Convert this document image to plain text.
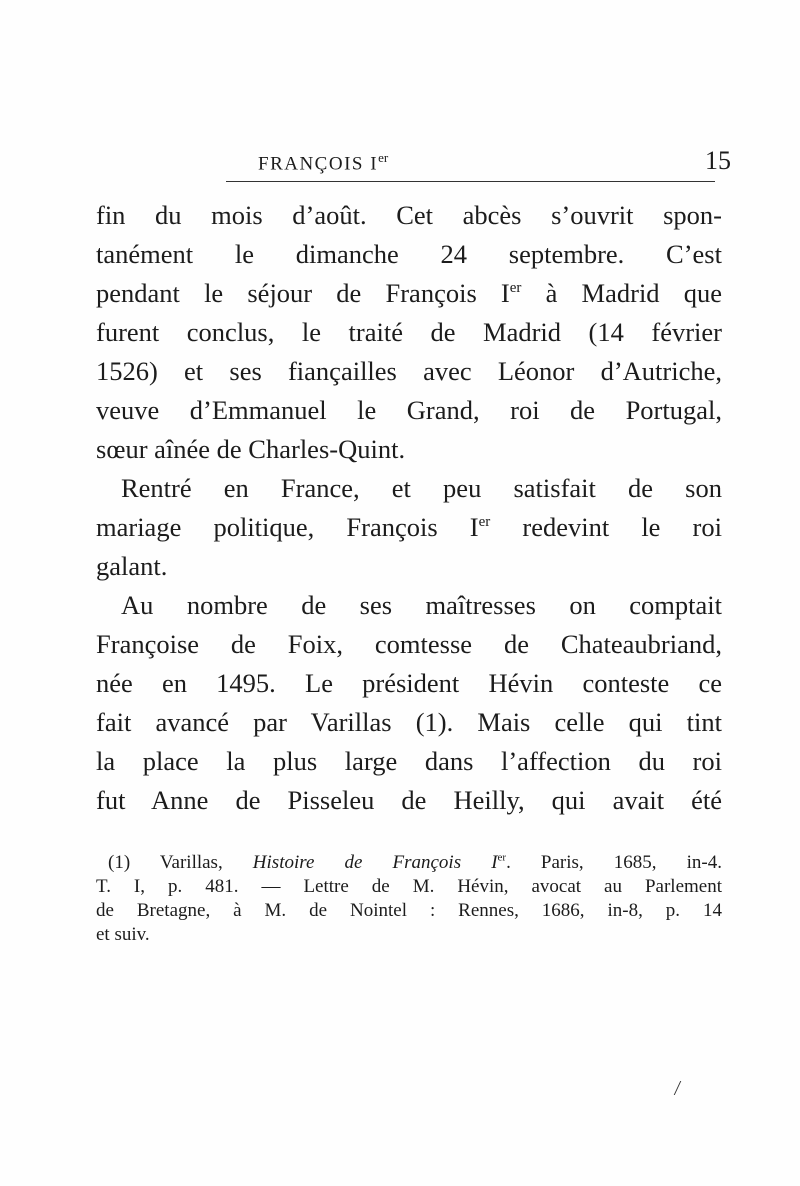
FRANÇOIS Ier	15
fin du mois d’août. Cet abcès s’ouvrit spon-
tanément le dimanche 24 septembre. C’est
pendant le séjour de François Ier à Madrid que
furent conclus, le traité de Madrid (14 février
1526) et ses fiançailles avec Léonor d’Autriche,
veuve d’Emmanuel le Grand, roi de Portugal,
sœur aînée de Charles-Quint.
Rentré en France, et peu satisfait de son
mariage politique, François Ier redevint le roi
galant.
Au nombre de ses maîtresses on comptait
Françoise de Foix, comtesse de Chateaubriand,
née en 1495. Le président Hévin conteste ce
fait avancé par Varillas (1). Mais celle qui tint
la place la plus large dans l’affection du roi
fut Anne de Pisseleu de Heilly, qui avait été
(1) Varillas, Histoire de François Ier. Paris, 1685, in-4.
T. I, p. 481. — Lettre de M. Hévin, avocat au Parlement
de Bretagne, à M. de Nointel : Rennes, 1686, in-8, p. 14
et suiv.
